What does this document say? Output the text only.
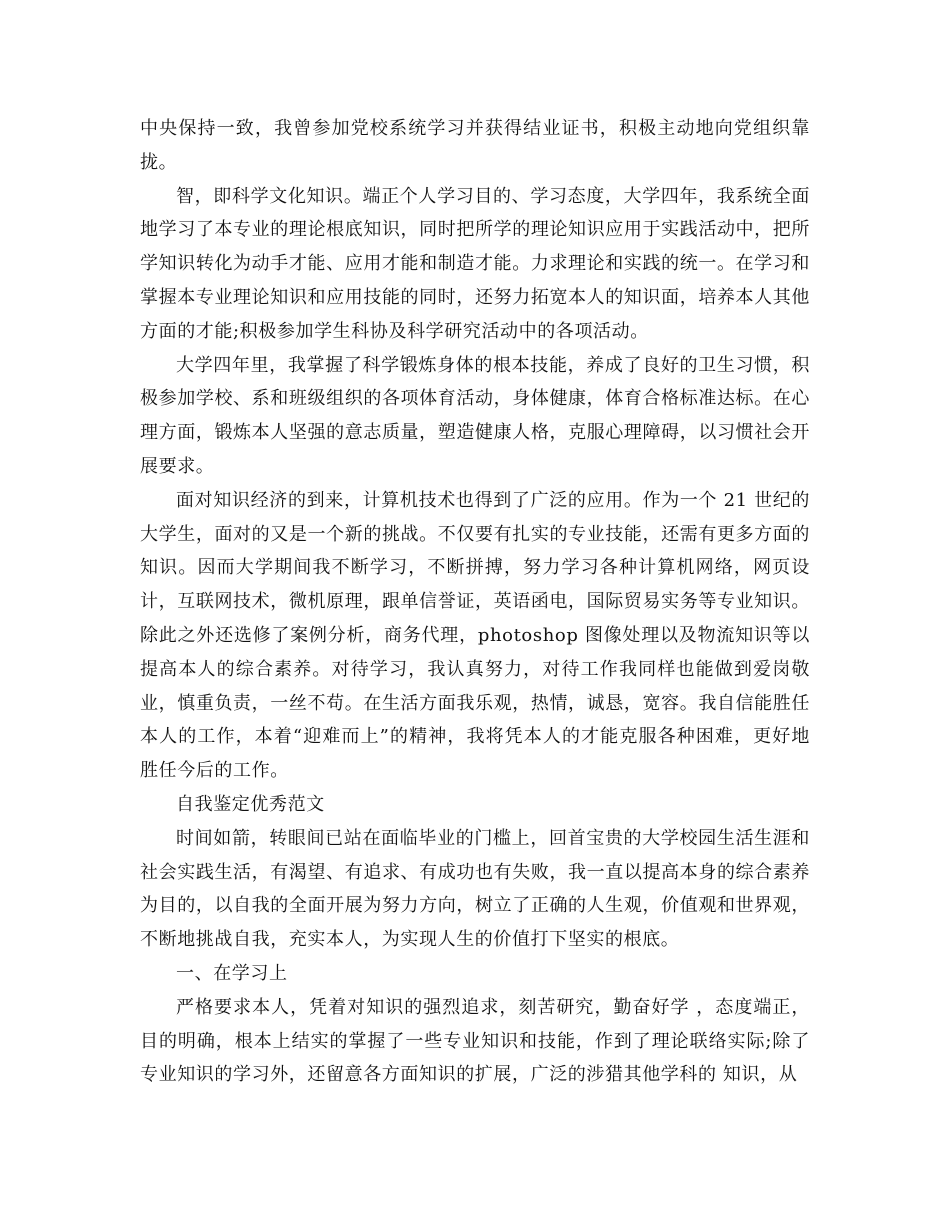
中央保持一致，我曾参加党校系统学习并获得结业证书，积极主动地向党组织靠拢。

智，即科学文化知识。端正个人学习目的、学习态度，大学四年，我系统全面地学习了本专业的理论根底知识，同时把所学的理论知识应用于实践活动中，把所学知识转化为动手才能、应用才能和制造才能。力求理论和实践的统一。在学习和掌握本专业理论知识和应用技能的同时，还努力拓宽本人的知识面，培养本人其他方面的才能;积极参加学生科协及科学研究活动中的各项活动。

大学四年里，我掌握了科学锻炼身体的根本技能，养成了良好的卫生习惯，积极参加学校、系和班级组织的各项体育活动，身体健康，体育合格标准达标。在心理方面，锻炼本人坚强的意志质量，塑造健康人格，克服心理障碍，以习惯社会开展要求。

面对知识经济的到来，计算机技术也得到了广泛的应用。作为一个 21 世纪的大学生，面对的又是一个新的挑战。不仅要有扎实的专业技能，还需有更多方面的知识。因而大学期间我不断学习，不断拼搏，努力学习各种计算机网络，网页设计，互联网技术，微机原理，跟单信誉证，英语函电，国际贸易实务等专业知识。除此之外还选修了案例分析，商务代理，photoshop 图像处理以及物流知识等以提高本人的综合素养。对待学习，我认真努力，对待工作我同样也能做到爱岗敬业，慎重负责，一丝不苟。在生活方面我乐观，热情，诚恳，宽容。我自信能胜任本人的工作，本着“迎难而上”的精神，我将凭本人的才能克服各种困难，更好地胜任今后的工作。

自我鉴定优秀范文

时间如箭，转眼间已站在面临毕业的门槛上，回首宝贵的大学校园生活生涯和社会实践生活，有渴望、有追求、有成功也有失败，我一直以提高本身的综合素养为目的，以自我的全面开展为努力方向，树立了正确的人生观，价值观和世界观，不断地挑战自我，充实本人，为实现人生的价值打下坚实的根底。

一、在学习上

严格要求本人，凭着对知识的强烈追求，刻苦研究，勤奋好学 ，态度端正，目的明确，根本上结实的掌握了一些专业知识和技能，作到了理论联络实际;除了专业知识的学习外，还留意各方面知识的扩展，广泛的涉猎其他学科的 知识，从
